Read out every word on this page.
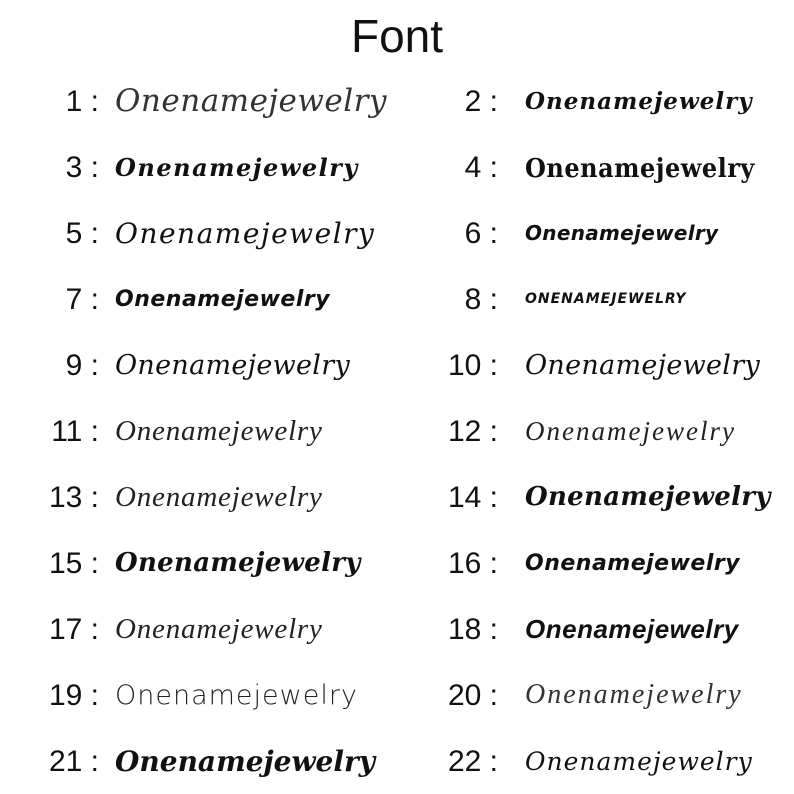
Font
1 : Onenamejewelry
3 : Onenamejewelry
5 : Onenamejewelry
7 : Onenamejewelry
9 : Onenamejewelry
11 : Onenamejewelry
13 : Onenamejewelry
15 : Onenamejewelry
17 : Onenamejewelry
19 : Onenamejewelry
21 : Onenamejewelry
2 : Onenamejewelry
4 : Onenamejewelry
6 : Onenamejewelry
8 : ONENAMEJEWELRY
10 : Onenamejewelry
12 : Onenamejewelry
14 : Onenamejewelry
16 : Onenamejewelry
18 : Onenamejewelry
20 : Onenamejewelry
22 : Onenamejewelry
